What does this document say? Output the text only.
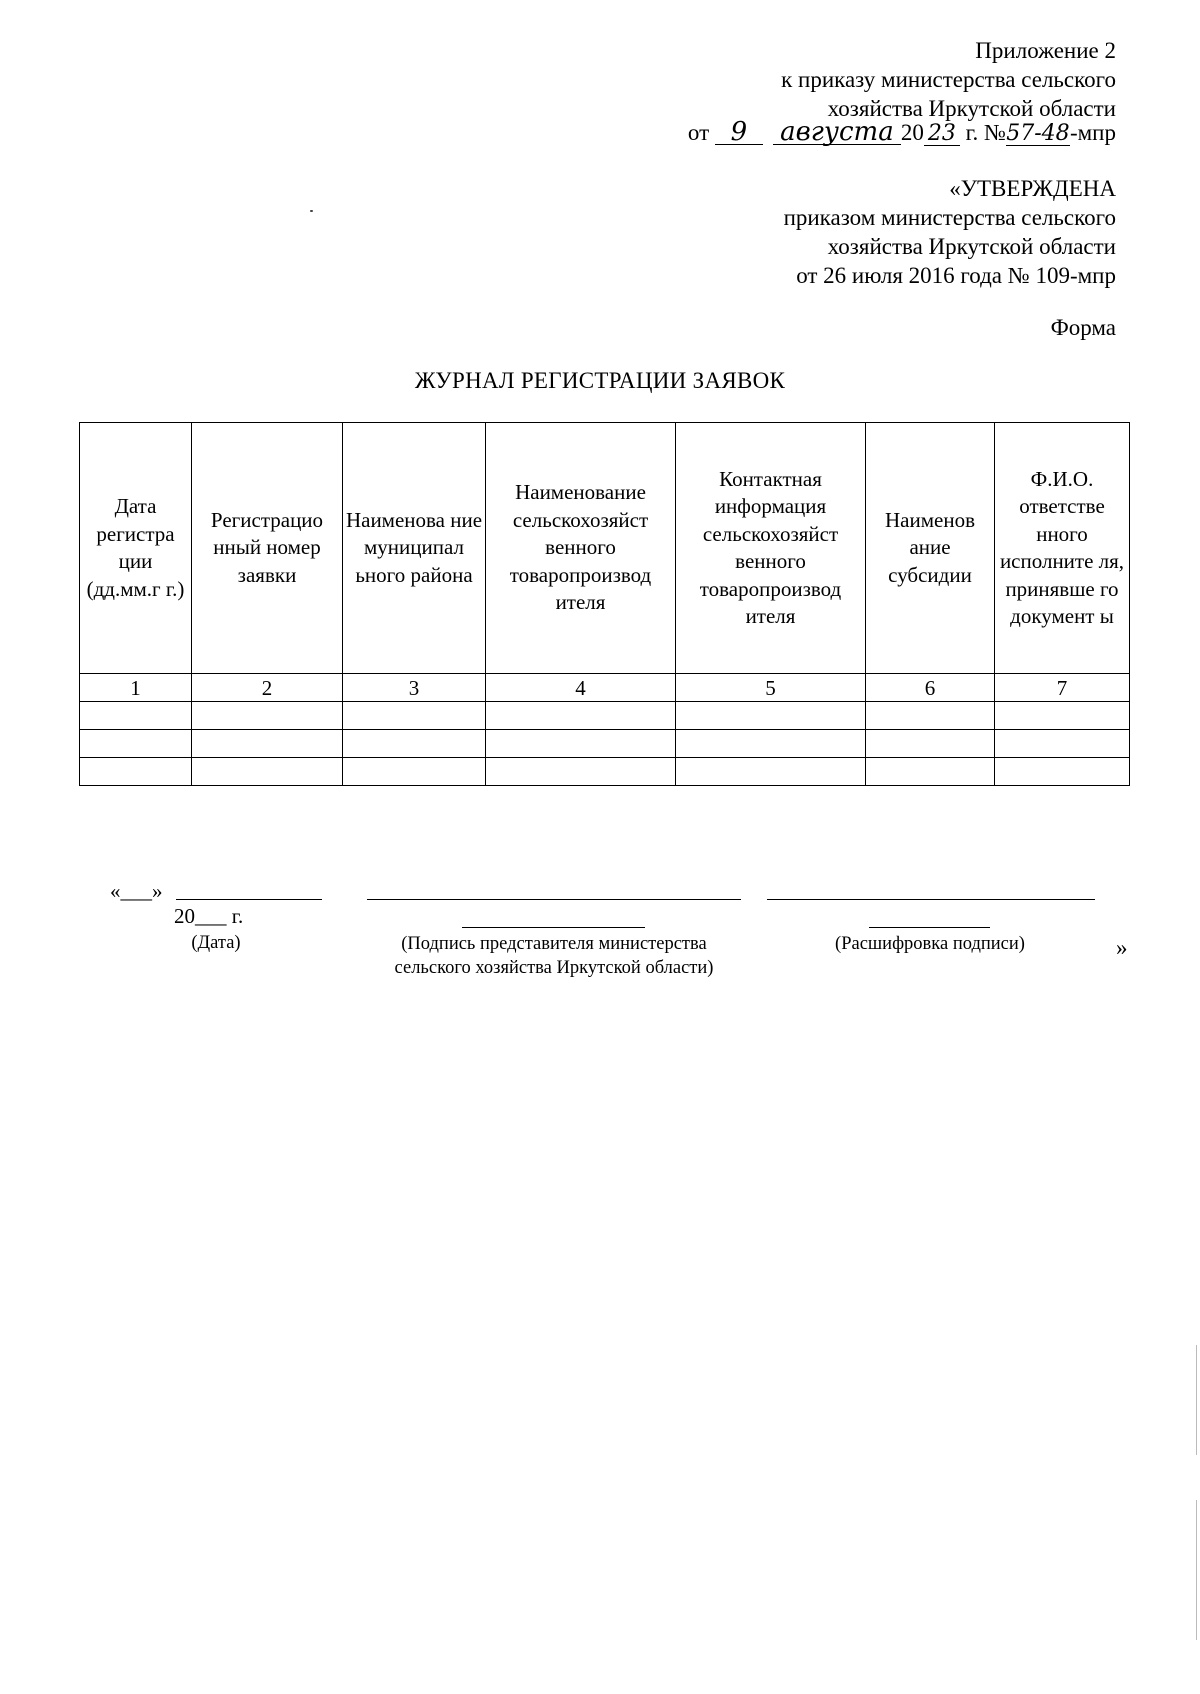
Приложение 2
к приказу министерства сельского
хозяйства Иркутской области
от 9 августа 20 23 г. №57-48-мпр
«УТВЕРЖДЕНА
приказом министерства сельского
хозяйства Иркутской области
от 26 июля 2016 года № 109-мпр
Форма
ЖУРНАЛ РЕГИСТРАЦИИ ЗАЯВОК
Дата регистра ции (дд.мм.г г.)	Регистрацио нный номер заявки	Наименова ние муниципал ьного района	Наименование сельскохозяйст венного товаропроизвод ителя	Контактная информация сельскохозяйст венного товаропроизвод ителя	Наименов ание субсидии	Ф.И.О. ответстве нного исполните ля, принявше го документ ы
1	2	3	4	5	6	7

«___»
20___ г.
(Дата)	(Подпись представителя министерства
сельского хозяйства Иркутской области)
(Расшифровка подписи)	»
